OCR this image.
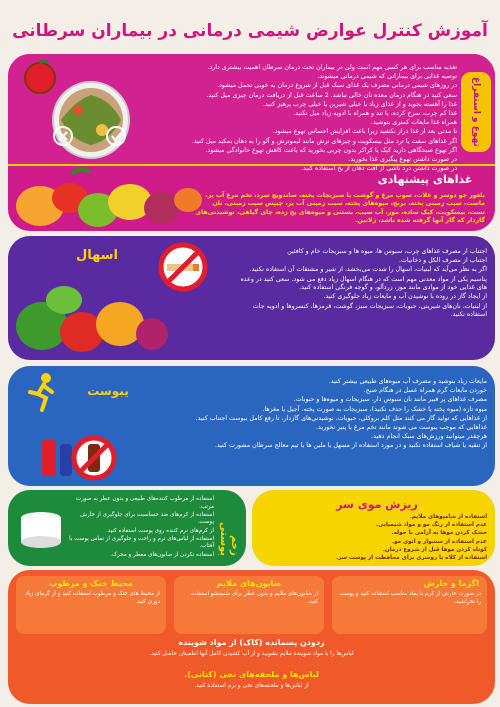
آموزش کنترل عوارض شیمی درمانی در بیماران سرطانی
تهوع و استفراغ

تغذیه مناسب برای هر کسی مهم است ولی در بیماران تحت درمان سرطان اهمیت بیشتری دارد.

توصیه غذایی برای بیمارانی که شیمی درمانی میشوند.

در روزهای شیمی درمانی مصرف یک غذای سبک قبل از شروع درمان به خوبی تحمل میشود.

سعی کنید در هنگام درمان معده تان خالی نباشد. 2 ساعت قبل از دریافت درمان چیزی میل کنید.

غذا را آهسته بجوید و از غذای زیاد یا خیلی شیرین یا خیلی چرب پرهیز کنید.

غذا کم چرب، سرخ کرده، یا تند و همراه با ادویه زیاد میل نکنید.

همراه غذا مایعات کمتری بنوشید.

تا مدتی بعد از غذا دراز نکشید زیرا باعث افزایش احساس تهوع میشود.

اگر غذاهای سفت یا ترد مثل بیسکویت و چیزهای ترش مانند لیموترش و آلو را به دهان بمکید میل کنید.

اگر تهوع صبحگاهی دارید کیک یا کراکر بدون چربی بخورید که باعث کاهش تهوع خانوادگی میشود.

در صورت داشتن تهوع پیگیری غذا نخورید.

در صورت داشتن درد ناشی از آفت دهان از یخ استفاده کنید.

غذاهای پیشنهادی

بلغور جو دوسر و غلات، سوپ مرغ و گوشت یا سبزیجات پخته، ساندویچ سرد، تخم مرغ آب پز، ماست، سیب زمینی پخته، برنج، میوه‌های پخته، سیب زمینی آب پز، چیپس سیب زمینی، نان تست، بیسکویت، کیک ساده، موز، آب سیب، بستنی و میوه‌های یخ زده، چای گیاهی، نوشیدنی‌های گازدار که گاز آنها گرفته شده باشد، ژلاتین.

اسهال	اجتناب از مصرف غذاهای چرب، سبوس ها، میوه ها و سبزیجات خام و کافئین

اجتناب از مصرف الکل و دخانیات.

اگر به نظر می‌آید که لبنیات، اسهال را شدت می‌بخشد، از شیر و مشتقات آن استفاده نکنید.

پتاسیم یکی از مواد معدنی مهم است که در هنگام اسهال زیاد دفع می شود. سعی کنید در وعده های غذایی خود از موادی مانند موز، زردآلو، و گوجه فرنگی استفاده کنید.

از ایجاد گاز در روده با نوشیدن آب و مایعات زیاد جلوگیری کنید.

از لبنیات، نان‌های شیرینی، حبوبات، سبزیجات سبز، گوشت، قرمزها، کنسروها و ادویه جات استفاده نکنید.

یبوست

مایعات زیاد بنوشید و مصرف آب میوه‌های طبیعی بیشتر کنید.

خوردن مایعات گرم همراه عسل در هنگام صبح.

مصرف غذاهای پر فیبر مانند نان سبوس دار، سبزیجات و میوه‌ها و حبوبات.

میوه تازه (میوه پخته یا خشک را حذف نکنید)، سبزیجات به صورت پخته، آجیل یا مغزها.

از غذاهایی که تولید گاز می کنند مثل کلم بروکلی، حبوبات، نوشیدنی‌های گازدار، تا رفع کامل یبوست اجتناب کنید.

غذاهایی که موجب یبوست می شوند مانند تخم مرغ یا پنیر نخورید.

هرچقدر میتوانید ورزش‌های سبک انجام دهید.

از تنقیه یا شیاف استفاده نکنید و در مورد استفاده از مسهل یا ملین ها با تیم معالج سرطان مشورت کنید.

زخم پوستی

استفاده از مرطوب کننده‌های طبیعی و بدون عطر به صورت مرتب.

استفاده از کرم‌های ضد حساسیت برای جلوگیری از خارش پوست.

از کرم‌های نرم کننده روی پوست استفاده کنید.

استفاده از لباس‌های نرم و راحت و جلوگیری از تماس پوست با آفتاب.

استفاده نکردن از صابون‌های معطر و محرک.

ریزش موی سر

استفاده از شامپوهای ملایم.

عدم استفاده از رنگ مو و مواد شیمیایی.

خشک کردن موها به آرامی با حوله.

عدم استفاده از سشوار و اتوی مو.

کوتاه کردن موها قبل از شروع درمان.

استفاده از کلاه یا روسری برای محافظت از پوست سر.

محیط خنک و مرطوب
از محیط های خنک و مرطوب استفاده کنید و از گرمای زیاد دوری کنید.
صابون‌های ملایم
از صابون‌های ملایم و بدون عطر برای شستشو استفاده کنید.
اگزما و خارش
در صورت خارش از کرم یا پماد مناسب استفاده کنید و پوست را نخراشید.
زدودن پسمانده (کاک) از مواد شوینده
لباس‌ها را با مواد شوینده ملایم بشویید و از آب کشیدن کامل آنها اطمینان حاصل کنید.
لباس‌ها و ملحفه‌های نخی (کتانی).
از لباس‌ها و ملحفه‌های نخی و نرم استفاده کنید.
